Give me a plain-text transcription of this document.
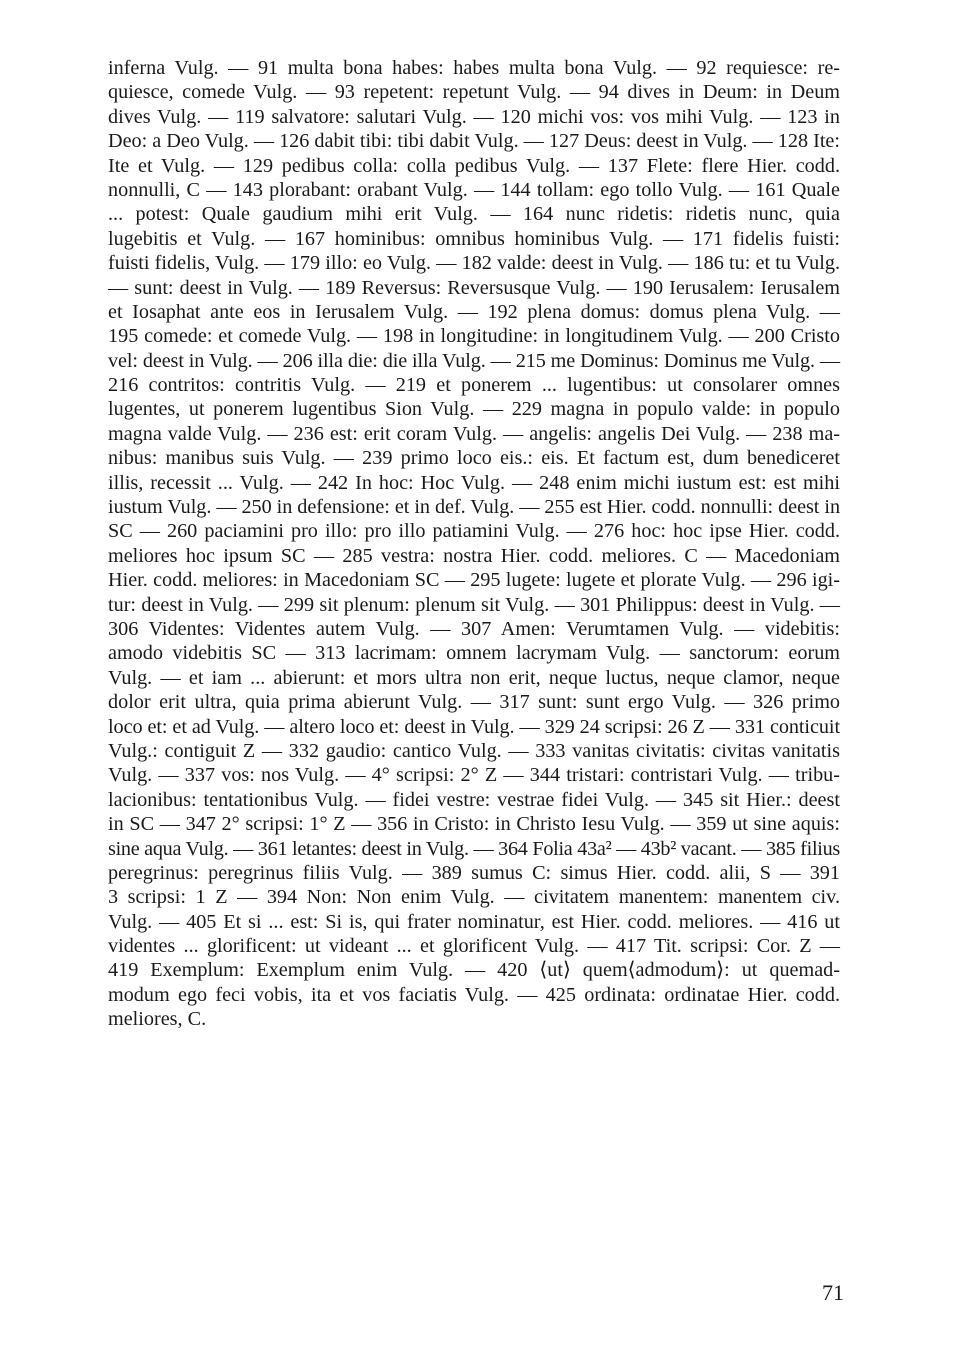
inferna Vulg. — 91 multa bona habes: habes multa bona Vulg. — 92 requiesce: re-
quiesce, comede Vulg. — 93 repetent: repetunt Vulg. — 94 dives in Deum: in Deum
dives Vulg. — 119 salvatore: salutari Vulg. — 120 michi vos: vos mihi Vulg. — 123 in
Deo: a Deo Vulg. — 126 dabit tibi: tibi dabit Vulg. — 127 Deus: deest in Vulg. — 128 Ite:
Ite et Vulg. — 129 pedibus colla: colla pedibus Vulg. — 137 Flete: flere Hier. codd.
nonnulli, C — 143 plorabant: orabant Vulg. — 144 tollam: ego tollo Vulg. — 161 Quale
... potest: Quale gaudium mihi erit Vulg. — 164 nunc ridetis: ridetis nunc, quia
lugebitis et Vulg. — 167 hominibus: omnibus hominibus Vulg. — 171 fidelis fuisti:
fuisti fidelis, Vulg. — 179 illo: eo Vulg. — 182 valde: deest in Vulg. — 186 tu: et tu Vulg.
— sunt: deest in Vulg. — 189 Reversus: Reversusque Vulg. — 190 Ierusalem: Ierusalem
et Iosaphat ante eos in Ierusalem Vulg. — 192 plena domus: domus plena Vulg. —
195 comede: et comede Vulg. — 198 in longitudine: in longitudinem Vulg. — 200 Cristo
vel: deest in Vulg. — 206 illa die: die illa Vulg. — 215 me Dominus: Dominus me Vulg. —
216 contritos: contritis Vulg. — 219 et ponerem ... lugentibus: ut consolarer omnes
lugentes, ut ponerem lugentibus Sion Vulg. — 229 magna in populo valde: in populo
magna valde Vulg. — 236 est: erit coram Vulg. — angelis: angelis Dei Vulg. — 238 ma-
nibus: manibus suis Vulg. — 239 primo loco eis.: eis. Et factum est, dum benediceret
illis, recessit ... Vulg. — 242 In hoc: Hoc Vulg. — 248 enim michi iustum est: est mihi
iustum Vulg. — 250 in defensione: et in def. Vulg. — 255 est Hier. codd. nonnulli: deest in
SC — 260 paciamini pro illo: pro illo patiamini Vulg. — 276 hoc: hoc ipse Hier. codd.
meliores hoc ipsum SC — 285 vestra: nostra Hier. codd. meliores. C — Macedoniam
Hier. codd. meliores: in Macedoniam SC — 295 lugete: lugete et plorate Vulg. — 296 igi-
tur: deest in Vulg. — 299 sit plenum: plenum sit Vulg. — 301 Philippus: deest in Vulg. —
306 Videntes: Videntes autem Vulg. — 307 Amen: Verumtamen Vulg. — videbitis:
amodo videbitis SC — 313 lacrimam: omnem lacrymam Vulg. — sanctorum: eorum
Vulg. — et iam ... abierunt: et mors ultra non erit, neque luctus, neque clamor, neque
dolor erit ultra, quia prima abierunt Vulg. — 317 sunt: sunt ergo Vulg. — 326 primo
loco et: et ad Vulg. — altero loco et: deest in Vulg. — 329 24 scripsi: 26 Z — 331 conticuit
Vulg.: contiguit Z — 332 gaudio: cantico Vulg. — 333 vanitas civitatis: civitas vanitatis
Vulg. — 337 vos: nos Vulg. — 4° scripsi: 2° Z — 344 tristari: contristari Vulg. — tribu-
lacionibus: tentationibus Vulg. — fidei vestre: vestrae fidei Vulg. — 345 sit Hier.: deest
in SC — 347 2° scripsi: 1° Z — 356 in Cristo: in Christo Iesu Vulg. — 359 ut sine aquis:
sine aqua Vulg. — 361 letantes: deest in Vulg. — 364 Folia 43a² — 43b² vacant. — 385 filius
peregrinus: peregrinus filiis Vulg. — 389 sumus C: simus Hier. codd. alii, S — 391
3 scripsi: 1 Z — 394 Non: Non enim Vulg. — civitatem manentem: manentem civ.
Vulg. — 405 Et si ... est: Si is, qui frater nominatur, est Hier. codd. meliores. — 416 ut
videntes ... glorificent: ut videant ... et glorificent Vulg. — 417 Tit. scripsi: Cor. Z —
419 Exemplum: Exemplum enim Vulg. — 420 ⟨ut⟩ quem⟨admodum⟩: ut quemad-
modum ego feci vobis, ita et vos faciatis Vulg. — 425 ordinata: ordinatae Hier. codd.
meliores, C.
71
